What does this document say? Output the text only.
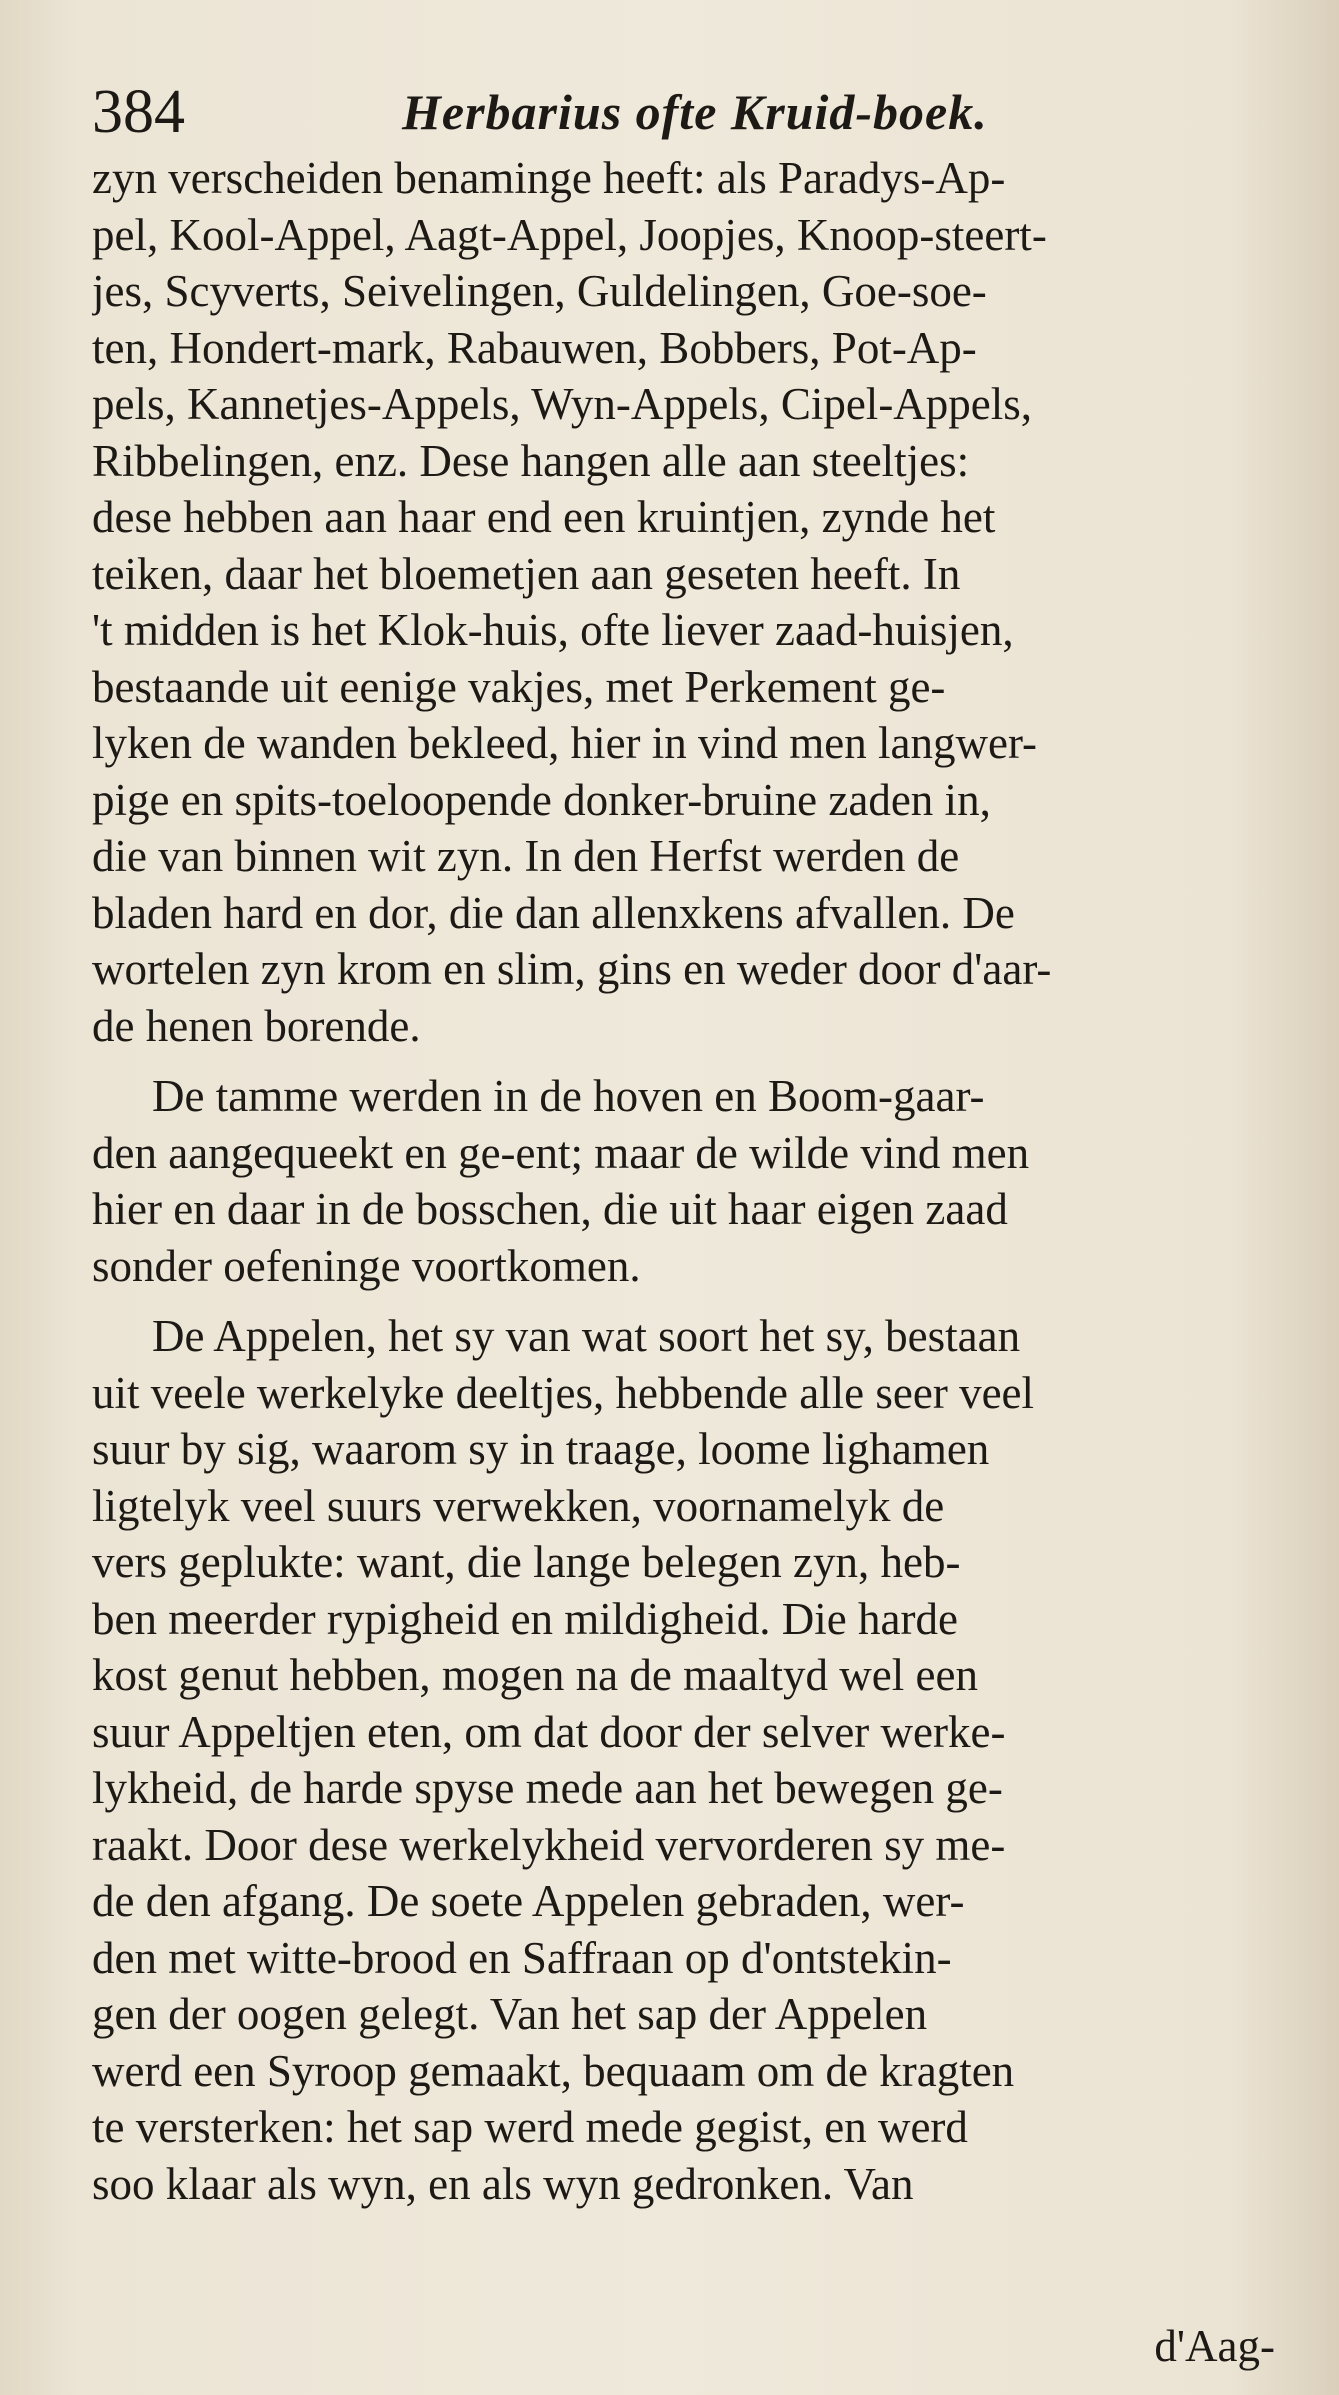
384	Herbarius ofte Kruid-boek.
zyn verscheiden benaminge heeft: als Paradys-Ap-
pel, Kool-Appel, Aagt-Appel, Joopjes, Knoop-steert-
jes, Scyverts, Seivelingen, Guldelingen, Goe-soe-
ten, Hondert-mark, Rabauwen, Bobbers, Pot-Ap-
pels, Kannetjes-Appels, Wyn-Appels, Cipel-Appels,
Ribbelingen, enz. Dese hangen alle aan steeltjes:
dese hebben aan haar end een kruintjen, zynde het
teiken, daar het bloemetjen aan geseten heeft. In
't midden is het Klok-huis, ofte liever zaad-huisjen,
bestaande uit eenige vakjes, met Perkement ge-
lyken de wanden bekleed, hier in vind men langwer-
pige en spits-toeloopende donker-bruine zaden in,
die van binnen wit zyn. In den Herfst werden de
bladen hard en dor, die dan allenxkens afvallen. De
wortelen zyn krom en slim, gins en weder door d'aar-
de henen borende.
De tamme werden in de hoven en Boom-gaar-
den aangequeekt en ge-ent; maar de wilde vind men
hier en daar in de bosschen, die uit haar eigen zaad
sonder oefeninge voortkomen.
De Appelen, het sy van wat soort het sy, bestaan
uit veele werkelyke deeltjes, hebbende alle seer veel
suur by sig, waarom sy in traage, loome lighamen
ligtelyk veel suurs verwekken, voornamelyk de
vers geplukte: want, die lange belegen zyn, heb-
ben meerder rypigheid en mildigheid. Die harde
kost genut hebben, mogen na de maaltyd wel een
suur Appeltjen eten, om dat door der selver werke-
lykheid, de harde spyse mede aan het bewegen ge-
raakt. Door dese werkelykheid vervorderen sy me-
de den afgang. De soete Appelen gebraden, wer-
den met witte-brood en Saffraan op d'ontstekin-
gen der oogen gelegt. Van het sap der Appelen
werd een Syroop gemaakt, bequaam om de kragten
te versterken: het sap werd mede gegist, en werd
soo klaar als wyn, en als wyn gedronken. Van
d'Aag-
